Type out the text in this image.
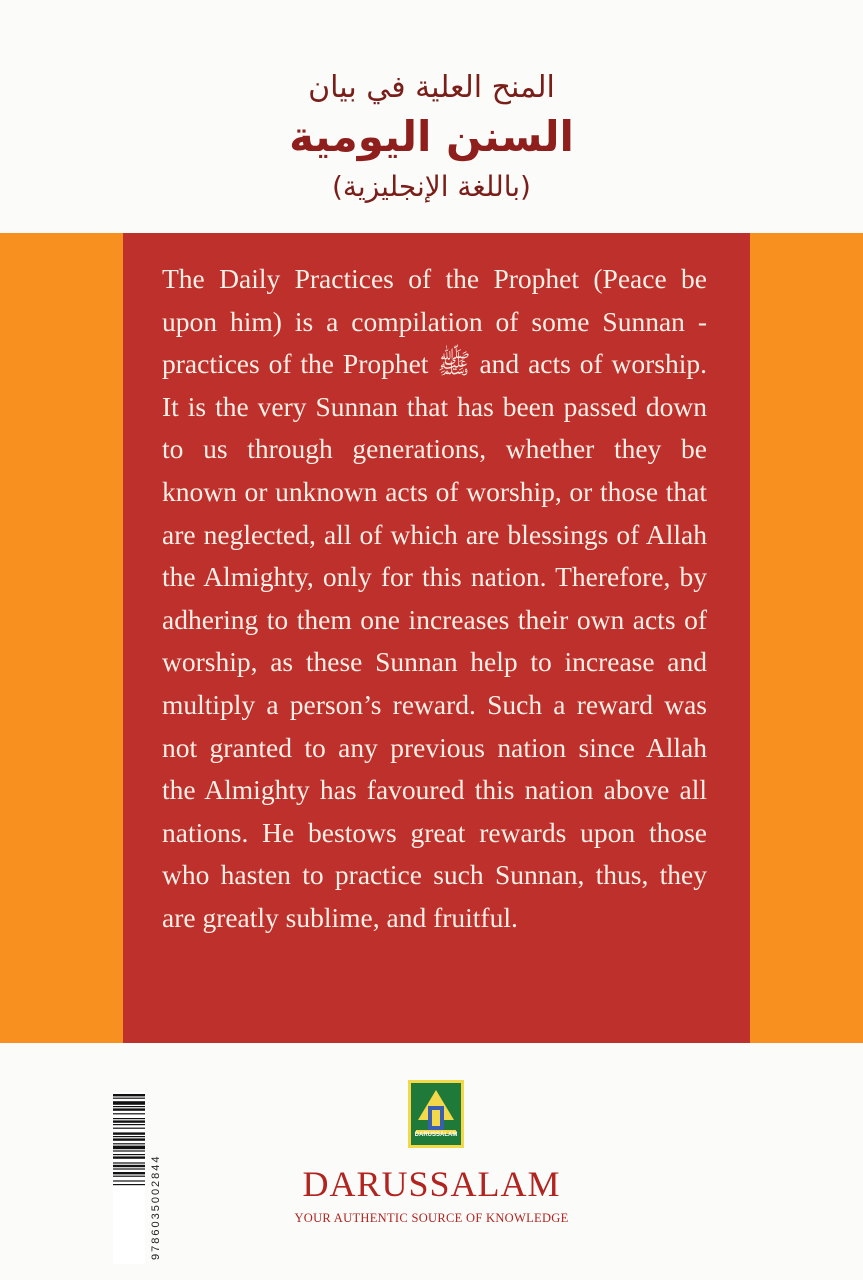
المنح العلية في بيان
السنن اليومية
(باللغة الإنجليزية)

The Daily Practices of the Prophet (Peace be upon him) is a compilation of some Sunnan -practices of the Prophet ﷺ and acts of worship. It is the very Sunnan that has been passed down to us through generations, whether they be known or unknown acts of worship, or those that are neglected, all of which are blessings of Allah the Almighty, only for this nation. Therefore, by adhering to them one increases their own acts of worship, as these Sunnan help to increase and multiply a person’s reward. Such a reward was not granted to any previous nation since Allah the Almighty has favoured this nation above all nations. He bestows great rewards upon those who hasten to practice such Sunnan, thus, they are greatly sublime, and fruitful.

9786035002844
DARUSSALAM
DARUSSALAM
YOUR AUTHENTIC SOURCE OF KNOWLEDGE
